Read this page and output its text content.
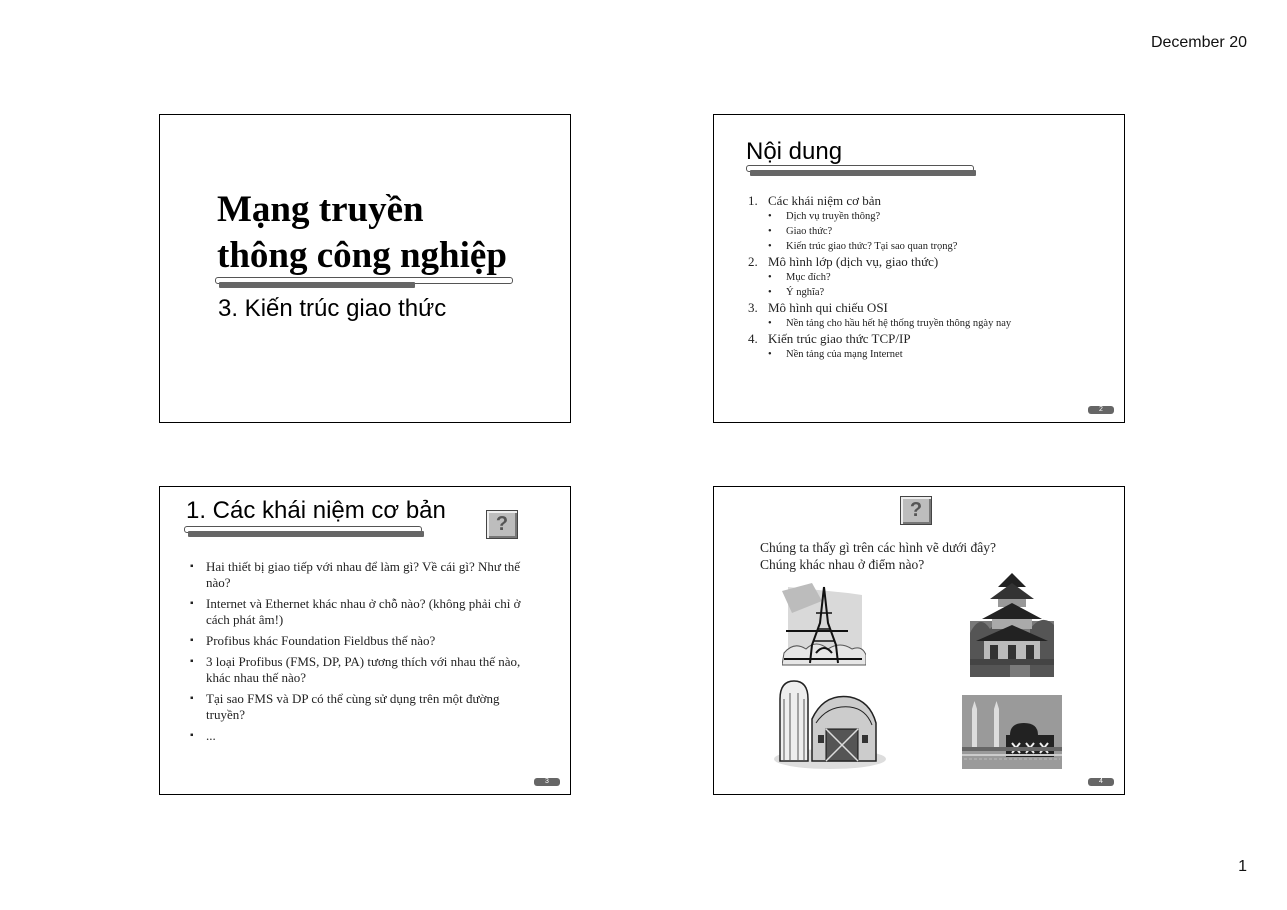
December 20
Mạng truyền
thông công nghiệp
3. Kiến trúc giao thức
Nội dung
1. Các khái niệm cơ bản
• Dịch vụ truyền thông?
• Giao thức?
• Kiến trúc giao thức? Tại sao quan trọng?
2. Mô hình lớp (dịch vụ, giao thức)
• Mục đích?
• Ý nghĩa?
3. Mô hình qui chiếu OSI
• Nền tảng cho hầu hết hệ thống truyền thông ngày nay
4. Kiến trúc giao thức TCP/IP
• Nền tảng của mạng Internet
2
1. Các khái niệm cơ bản	?
▪ Hai thiết bị giao tiếp với nhau để làm gì? Về cái gì? Như thế nào?
▪ Internet và Ethernet khác nhau ở chỗ nào? (không phải chỉ ở cách phát âm!)
▪ Profibus khác Foundation Fieldbus thế nào?
▪ 3 loại Profibus (FMS, DP, PA) tương thích với nhau thế nào, khác nhau thế nào?
▪ Tại sao FMS và DP có thể cùng sử dụng trên một đường truyền?
▪ ...
3
?
Chúng ta thấy gì trên các hình vẽ dưới đây?
Chúng khác nhau ở điểm nào?
4
1
